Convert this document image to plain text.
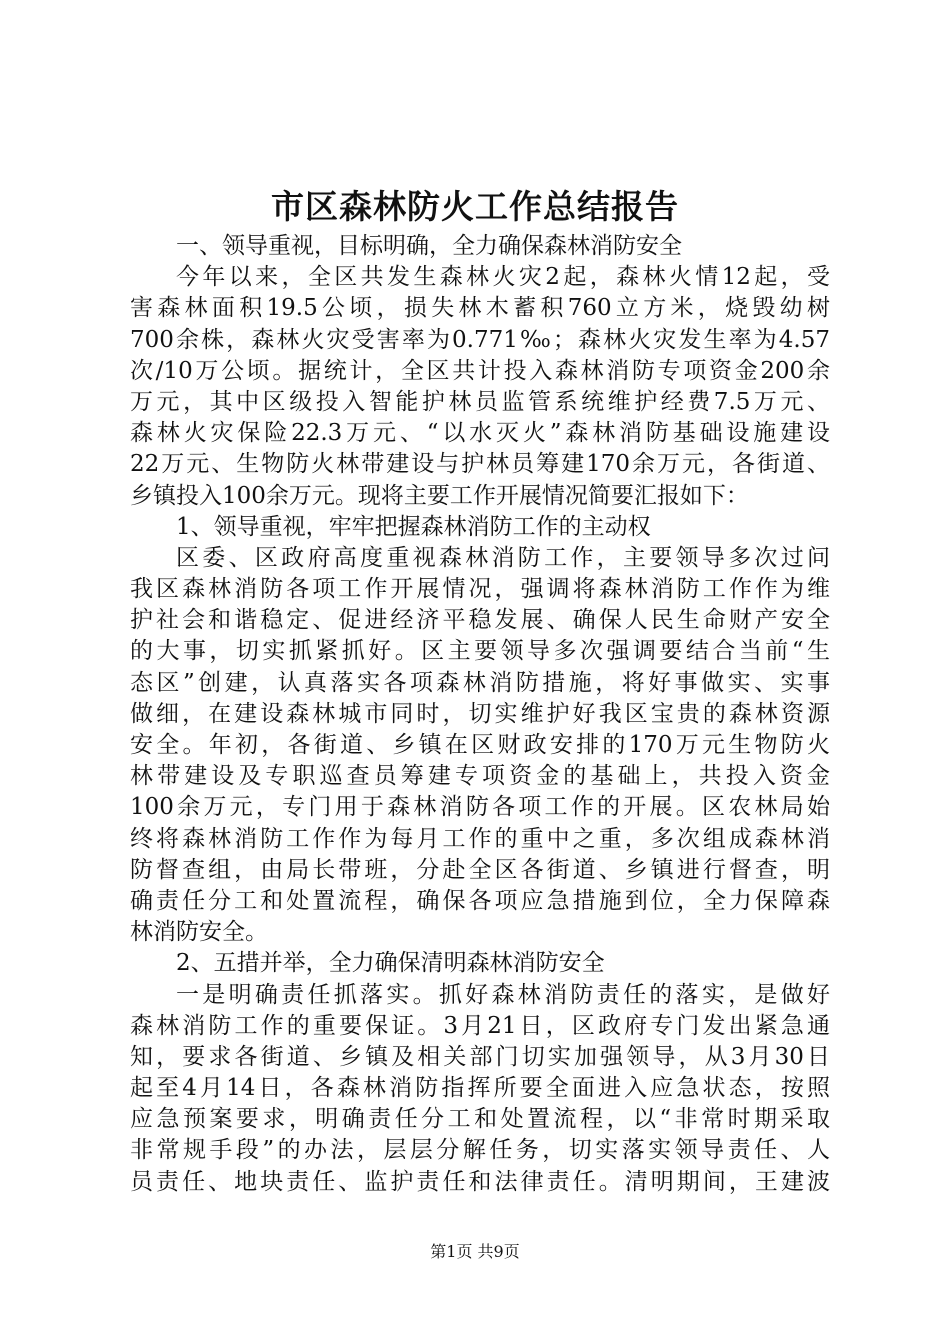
市区森林防火工作总结报告
一、领导重视，目标明确，全力确保森林消防安全
今年以来，全区共发生森林火灾2起，森林火情12起，受
害森林面积19.5公顷，损失林木蓄积760立方米，烧毁幼树
700余株，森林火灾受害率为0.771‰；森林火灾发生率为4.57
次/10万公顷。据统计，全区共计投入森林消防专项资金200余
万元，其中区级投入智能护林员监管系统维护经费7.5万元、
森林火灾保险22.3万元、“以水灭火”森林消防基础设施建设
22万元、生物防火林带建设与护林员筹建170余万元，各街道、
乡镇投入100余万元。现将主要工作开展情况简要汇报如下：
1、领导重视，牢牢把握森林消防工作的主动权
区委、区政府高度重视森林消防工作，主要领导多次过问
我区森林消防各项工作开展情况，强调将森林消防工作作为维
护社会和谐稳定、促进经济平稳发展、确保人民生命财产安全
的大事，切实抓紧抓好。区主要领导多次强调要结合当前“生
态区”创建，认真落实各项森林消防措施，将好事做实、实事
做细，在建设森林城市同时，切实维护好我区宝贵的森林资源
安全。年初，各街道、乡镇在区财政安排的170万元生物防火
林带建设及专职巡查员筹建专项资金的基础上，共投入资金
100余万元，专门用于森林消防各项工作的开展。区农林局始
终将森林消防工作作为每月工作的重中之重，多次组成森林消
防督查组，由局长带班，分赴全区各街道、乡镇进行督查，明
确责任分工和处置流程，确保各项应急措施到位，全力保障森
林消防安全。
2、五措并举，全力确保清明森林消防安全
一是明确责任抓落实。抓好森林消防责任的落实，是做好
森林消防工作的重要保证。3月21日，区政府专门发出紧急通
知，要求各街道、乡镇及相关部门切实加强领导，从3月30日
起至4月14日，各森林消防指挥所要全面进入应急状态，按照
应急预案要求，明确责任分工和处置流程，以“非常时期采取
非常规手段”的办法，层层分解任务，切实落实领导责任、人
员责任、地块责任、监护责任和法律责任。清明期间，王建波
第1页 共9页
